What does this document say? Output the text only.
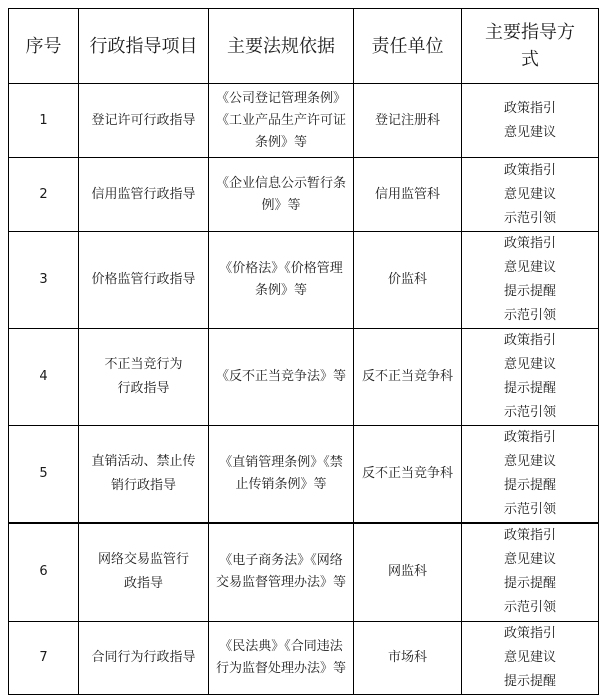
序号	行政指导项目	主要法规依据	责任单位	主要指导方式
1	登记许可行政指导	《公司登记管理条例》《工业产品生产许可证条例》等	登记注册科	政策指引
意见建议

2	信用监管行政指导	《企业信息公示暂行条例》等	信用监管科	政策指引
意见建议
示范引领

3	价格监管行政指导	《价格法》《价格管理条例》等	价监科	政策指引
意见建议
提示提醒
示范引领

4	不正当竞行为行政指导	《反不正当竞争法》等	反不正当竞争科	政策指引
意见建议
提示提醒
示范引领

5	直销活动、禁止传销行政指导	《直销管理条例》《禁止传销条例》等	反不正当竞争科	政策指引
意见建议
提示提醒
示范引领

6	网络交易监管行政指导	《电子商务法》《网络交易监督管理办法》等	网监科	政策指引
意见建议
提示提醒
示范引领

7	合同行为行政指导	《民法典》《合同违法行为监督处理办法》等	市场科	政策指引
意见建议
提示提醒
